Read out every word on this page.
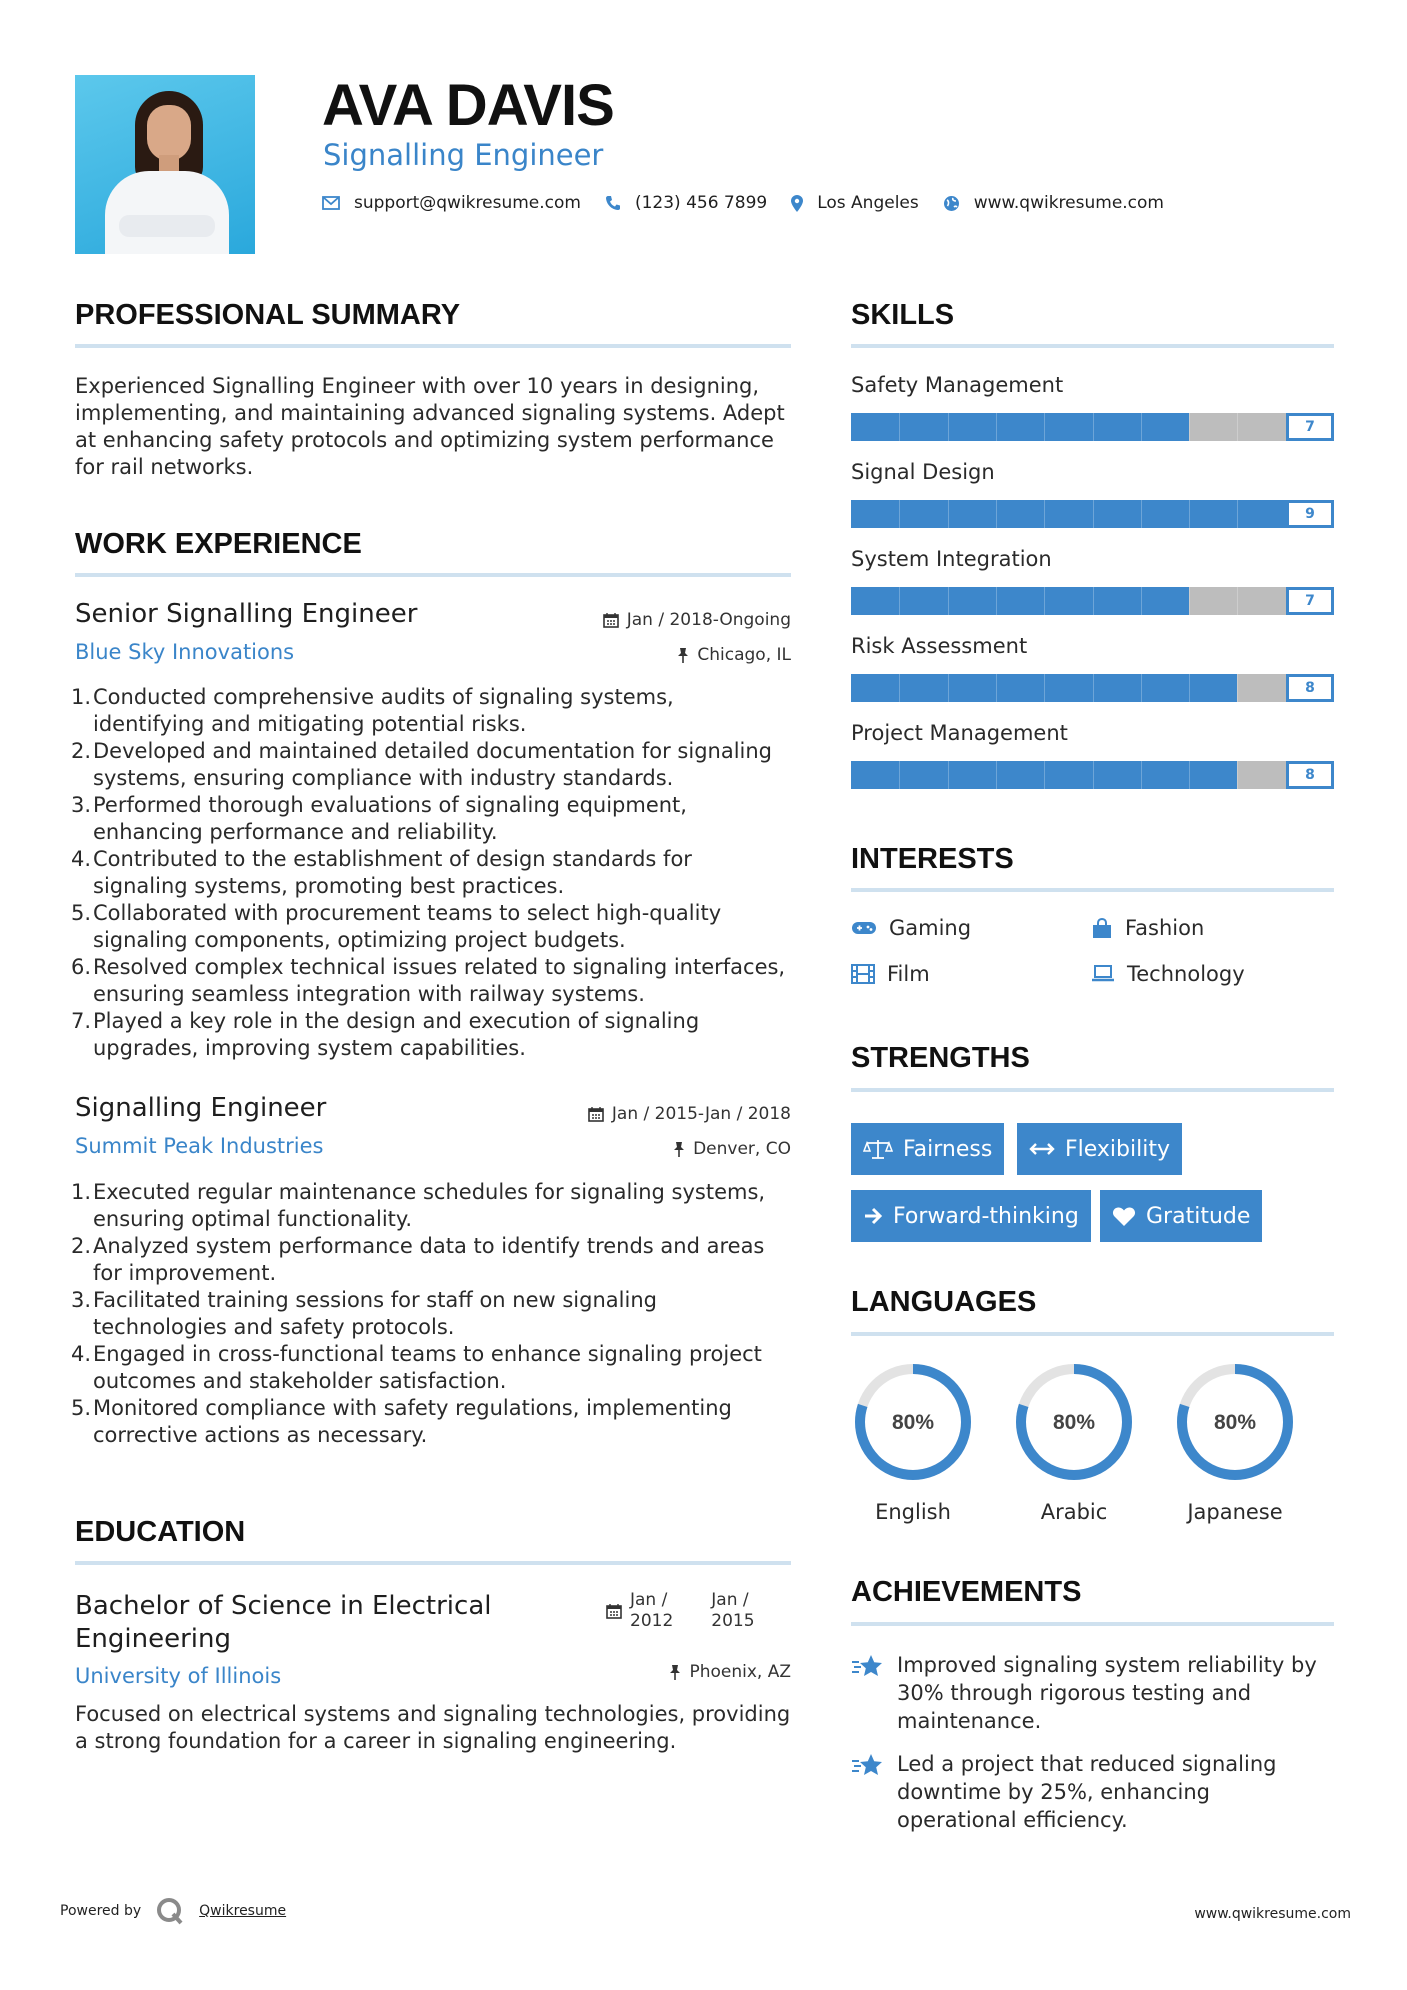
AVA DAVIS
Signalling Engineer
support@qwikresume.com	(123) 456 7899	Los Angeles	www.qwikresume.com
PROFESSIONAL SUMMARY
Experienced Signalling Engineer with over 10 years in designing, implementing, and maintaining advanced signaling systems. Adept at enhancing safety protocols and optimizing system performance for rail networks.
WORK EXPERIENCE
Senior Signalling Engineer
Blue Sky Innovations
Jan / 2018-Ongoing
Chicago, IL
1. Conducted comprehensive audits of signaling systems, identifying and mitigating potential risks.
2. Developed and maintained detailed documentation for signaling systems, ensuring compliance with industry standards.
3. Performed thorough evaluations of signaling equipment, enhancing performance and reliability.
4. Contributed to the establishment of design standards for signaling systems, promoting best practices.
5. Collaborated with procurement teams to select high-quality signaling components, optimizing project budgets.
6. Resolved complex technical issues related to signaling interfaces, ensuring seamless integration with railway systems.
7. Played a key role in the design and execution of signaling upgrades, improving system capabilities.
Signalling Engineer
Summit Peak Industries
Jan / 2015-Jan / 2018
Denver, CO
1. Executed regular maintenance schedules for signaling systems, ensuring optimal functionality.
2. Analyzed system performance data to identify trends and areas for improvement.
3. Facilitated training sessions for staff on new signaling technologies and safety protocols.
4. Engaged in cross-functional teams to enhance signaling project outcomes and stakeholder satisfaction.
5. Monitored compliance with safety regulations, implementing corrective actions as necessary.
EDUCATION
Bachelor of Science in Electrical Engineering
University of Illinois
Jan /
2012
Jan /
2015
Phoenix, AZ
Focused on electrical systems and signaling technologies, providing a strong foundation for a career in signaling engineering.
SKILLS
Safety Management
7
Signal Design
9
System Integration
7
Risk Assessment
8
Project Management
8
INTERESTS
Gaming	Fashion
Film	Technology
STRENGTHS
Fairness	Flexibility
Forward-thinking	Gratitude
LANGUAGES
80%
English
80%
Arabic
80%
Japanese
ACHIEVEMENTS
Improved signaling system reliability by 30% through rigorous testing and maintenance.
Led a project that reduced signaling downtime by 25%, enhancing operational efficiency.
Powered by	Qwikresume	www.qwikresume.com
